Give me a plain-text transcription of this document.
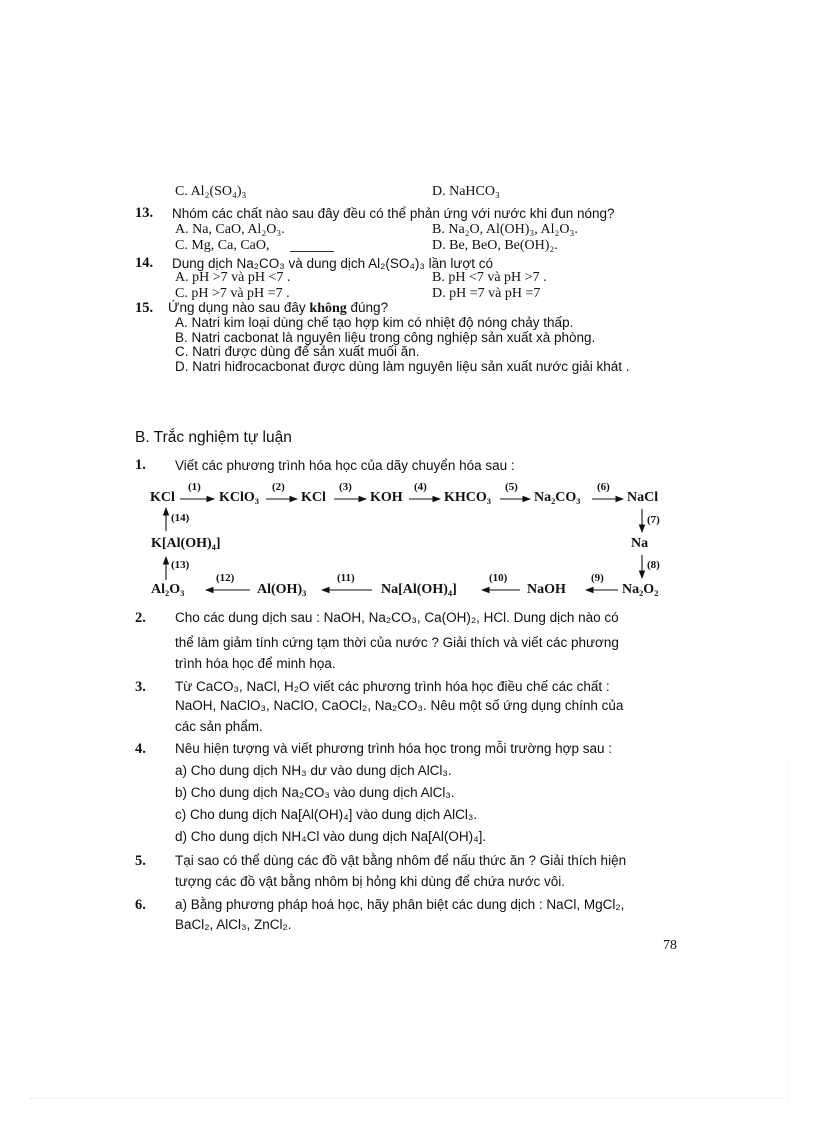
C. Al₂(SO₄)₃	D. NaHCO₃
13. Nhóm các chất nào sau đây đều có thể phản ứng với nước khi đun nóng?
A. Na, CaO, Al₂O₃.	B. Na₂O, Al(OH)₃, Al₂O₃.
C. Mg, Ca, CaO,	D. Be, BeO, Be(OH)₂.
14. Dung dịch Na₂CO₃ và dung dịch Al₂(SO₄)₃ lần lượt có
A. pH >7 và pH <7 .	B. pH <7 và pH >7 .
C. pH >7 và pH =7 .	D. pH =7 và pH =7
15. Ứng dụng nào sau đây không đúng?
A. Natri kim loại dùng chế tạo hợp kim có nhiệt độ nóng chảy thấp.
B. Natri cacbonat là nguyên liệu trong công nghiệp sản xuất xà phòng.
C. Natri được dùng để sản xuất muối ăn.
D. Natri hiđrocacbonat được dùng làm nguyên liệu sản xuất nước giải khát .
B. Trắc nghiệm tự luận
1. Viết các phương trình hóa học của dãy chuyển hóa sau :
KCl	KClO₃	KCl	KOH	KHCO₃	Na₂CO₃	NaCl
Na
Na₂O₂
NaOH
Na[Al(OH)₄]
Al(OH)₃
Al₂O₃
K[Al(OH)₄]
(1)	(2)	(3)	(4)	(5)	(6)
(7)
(8)
(9)
(10)
(11)
(12)
(13)
(14)
2. Cho các dung dịch sau : NaOH, Na₂CO₃, Ca(OH)₂, HCl. Dung dịch nào có
thể làm giảm tính cứng tạm thời của nước ? Giải thích và viết các phương
trình hóa học để minh họa.
3. Từ CaCO₃, NaCl, H₂O viết các phương trình hóa học điều chế các chất :
NaOH, NaClO₃, NaClO, CaOCl₂, Na₂CO₃. Nêu một số ứng dụng chính của
các sản phẩm.
4. Nêu hiện tượng và viết phương trình hóa học trong mỗi trường hợp sau :
a) Cho dung dịch NH₃ dư vào dung dịch AlCl₃.
b) Cho dung dịch Na₂CO₃ vào dung dịch AlCl₃.
c) Cho dung dịch Na[Al(OH)₄] vào dung dịch AlCl₃.
d) Cho dung dịch NH₄Cl vào dung dịch Na[Al(OH)₄].
5. Tại sao có thể dùng các đồ vật bằng nhôm để nấu thức ăn ? Giải thích hiện
tượng các đồ vật bằng nhôm bị hỏng khi dùng để chứa nước vôi.
6. a) Bằng phương pháp hoá học, hãy phân biệt các dung dịch : NaCl, MgCl₂,
BaCl₂, AlCl₃, ZnCl₂.
78
